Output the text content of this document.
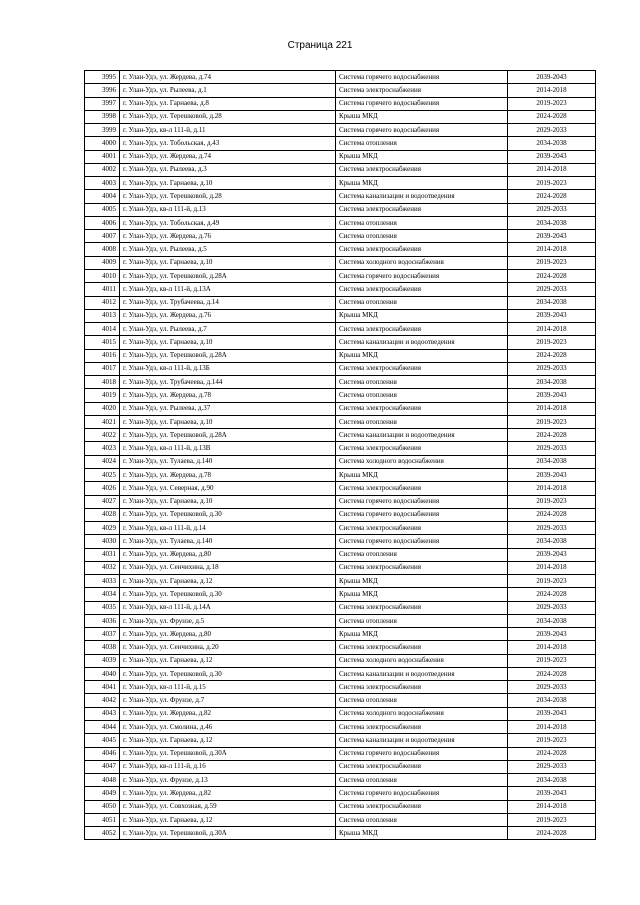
Страница 221
3995	г. Улан-Удэ, ул. Жердева, д.74	Система горячего водоснабжения	2039-2043
3996	г. Улан-Удэ, ул. Рылеева, д.1	Система электроснабжения	2014-2018
3997	г. Улан-Удэ, ул. Гарнаева, д.8	Система горячего водоснабжения	2019-2023
3998	г. Улан-Удэ, ул. Терешковой, д.28	Крыша МКД	2024-2028
3999	г. Улан-Удэ, кв-л 111-й, д.11	Система горячего водоснабжения	2029-2033
4000	г. Улан-Удэ, ул. Тобольская, д.43	Система отопления	2034-2038
4001	г. Улан-Удэ, ул. Жердева, д.74	Крыша МКД	2039-2043
4002	г. Улан-Удэ, ул. Рылеева, д.3	Система электроснабжения	2014-2018
4003	г. Улан-Удэ, ул. Гарнаева, д.10	Крыша МКД	2019-2023
4004	г. Улан-Удэ, ул. Терешковой, д.28	Система канализации и водоотведения	2024-2028
4005	г. Улан-Удэ, кв-л 111-й, д.13	Система электроснабжения	2029-2033
4006	г. Улан-Удэ, ул. Тобольская, д.49	Система отопления	2034-2038
4007	г. Улан-Удэ, ул. Жердева, д.76	Система отопления	2039-2043
4008	г. Улан-Удэ, ул. Рылеева, д.5	Система электроснабжения	2014-2018
4009	г. Улан-Удэ, ул. Гарнаева, д.10	Система холодного водоснабжения	2019-2023
4010	г. Улан-Удэ, ул. Терешковой, д.28А	Система горячего водоснабжения	2024-2028
4011	г. Улан-Удэ, кв-л 111-й, д.13А	Система электроснабжения	2029-2033
4012	г. Улан-Удэ, ул. Трубачеева, д.14	Система отопления	2034-2038
4013	г. Улан-Удэ, ул. Жердева, д.76	Крыша МКД	2039-2043
4014	г. Улан-Удэ, ул. Рылеева, д.7	Система электроснабжения	2014-2018
4015	г. Улан-Удэ, ул. Гарнаева, д.10	Система канализации и водоотведения	2019-2023
4016	г. Улан-Удэ, ул. Терешковой, д.28А	Крыша МКД	2024-2028
4017	г. Улан-Удэ, кв-л 111-й, д.13Б	Система электроснабжения	2029-2033
4018	г. Улан-Удэ, ул. Трубачеева, д.144	Система отопления	2034-2038
4019	г. Улан-Удэ, ул. Жердева, д.78	Система отопления	2039-2043
4020	г. Улан-Удэ, ул. Рылеева, д.37	Система электроснабжения	2014-2018
4021	г. Улан-Удэ, ул. Гарнаева, д.10	Система отопления	2019-2023
4022	г. Улан-Удэ, ул. Терешковой, д.28А	Система канализации и водоотведения	2024-2028
4023	г. Улан-Удэ, кв-л 111-й, д.13В	Система электроснабжения	2029-2033
4024	г. Улан-Удэ, ул. Тулаева, д.140	Система холодного водоснабжения	2034-2038
4025	г. Улан-Удэ, ул. Жердева, д.78	Крыша МКД	2039-2043
4026	г. Улан-Удэ, ул. Северная, д.90	Система электроснабжения	2014-2018
4027	г. Улан-Удэ, ул. Гарнаева, д.10	Система горячего водоснабжения	2019-2023
4028	г. Улан-Удэ, ул. Терешковой, д.30	Система горячего водоснабжения	2024-2028
4029	г. Улан-Удэ, кв-л 111-й, д.14	Система электроснабжения	2029-2033
4030	г. Улан-Удэ, ул. Тулаева, д.140	Система горячего водоснабжения	2034-2038
4031	г. Улан-Удэ, ул. Жердева, д.80	Система отопления	2039-2043
4032	г. Улан-Удэ, ул. Сенчихина, д.18	Система электроснабжения	2014-2018
4033	г. Улан-Удэ, ул. Гарнаева, д.12	Крыша МКД	2019-2023
4034	г. Улан-Удэ, ул. Терешковой, д.30	Крыша МКД	2024-2028
4035	г. Улан-Удэ, кв-л 111-й, д.14А	Система электроснабжения	2029-2033
4036	г. Улан-Удэ, ул. Фрунзе, д.5	Система отопления	2034-2038
4037	г. Улан-Удэ, ул. Жердева, д.80	Крыша МКД	2039-2043
4038	г. Улан-Удэ, ул. Сенчихина, д.20	Система электроснабжения	2014-2018
4039	г. Улан-Удэ, ул. Гарнаева, д.12	Система холодного водоснабжения	2019-2023
4040	г. Улан-Удэ, ул. Терешковой, д.30	Система канализации и водоотведения	2024-2028
4041	г. Улан-Удэ, кв-л 111-й, д.15	Система электроснабжения	2029-2033
4042	г. Улан-Удэ, ул. Фрунзе, д.7	Система отопления	2034-2038
4043	г. Улан-Удэ, ул. Жердева, д.82	Система холодного водоснабжения	2039-2043
4044	г. Улан-Удэ, ул. Смолина, д.46	Система электроснабжения	2014-2018
4045	г. Улан-Удэ, ул. Гарнаева, д.12	Система канализации и водоотведения	2019-2023
4046	г. Улан-Удэ, ул. Терешковой, д.30А	Система горячего водоснабжения	2024-2028
4047	г. Улан-Удэ, кв-л 111-й, д.16	Система электроснабжения	2029-2033
4048	г. Улан-Удэ, ул. Фрунзе, д.13	Система отопления	2034-2038
4049	г. Улан-Удэ, ул. Жердева, д.82	Система горячего водоснабжения	2039-2043
4050	г. Улан-Удэ, ул. Совхозная, д.59	Система электроснабжения	2014-2018
4051	г. Улан-Удэ, ул. Гарнаева, д.12	Система отопления	2019-2023
4052	г. Улан-Удэ, ул. Терешковой, д.30А	Крыша МКД	2024-2028
